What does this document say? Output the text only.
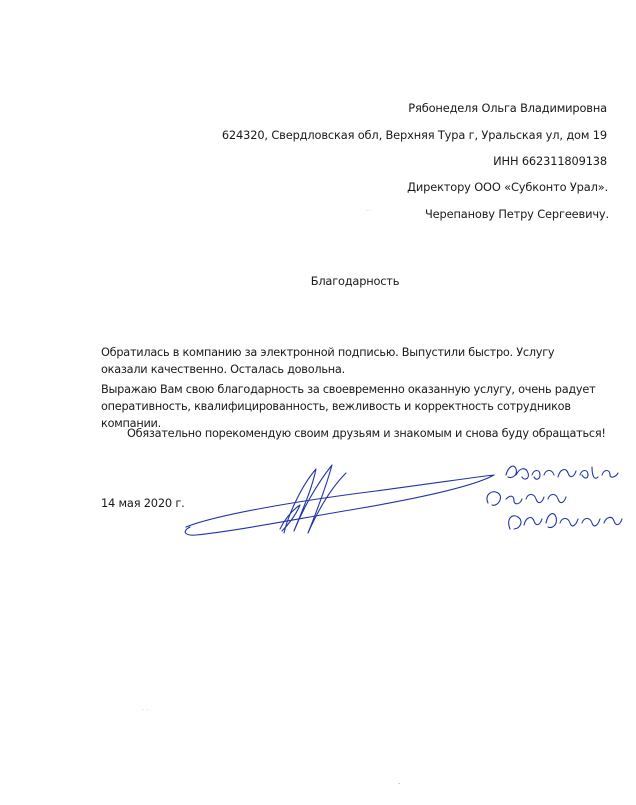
Рябонеделя Ольга Владимировна
624320, Свердловская обл, Верхняя Тура г, Уральская ул, дом 19
ИНН 662311809138
Директору ООО «Субконто Урал».
Черепанову Петру Сергеевичу.
Благодарность
Обратилась в компанию за электронной подписью. Выпустили быстро. Услугу оказали качественно. Осталась довольна.
Выражаю Вам свою благодарность за своевременно оказанную услугу, очень радует оперативность, квалифицированность, вежливость и корректность сотрудников компании.
Обязательно порекомендую своим друзьям и знакомым и снова буду обращаться!
14 мая 2020 г.
··
· ·
·
